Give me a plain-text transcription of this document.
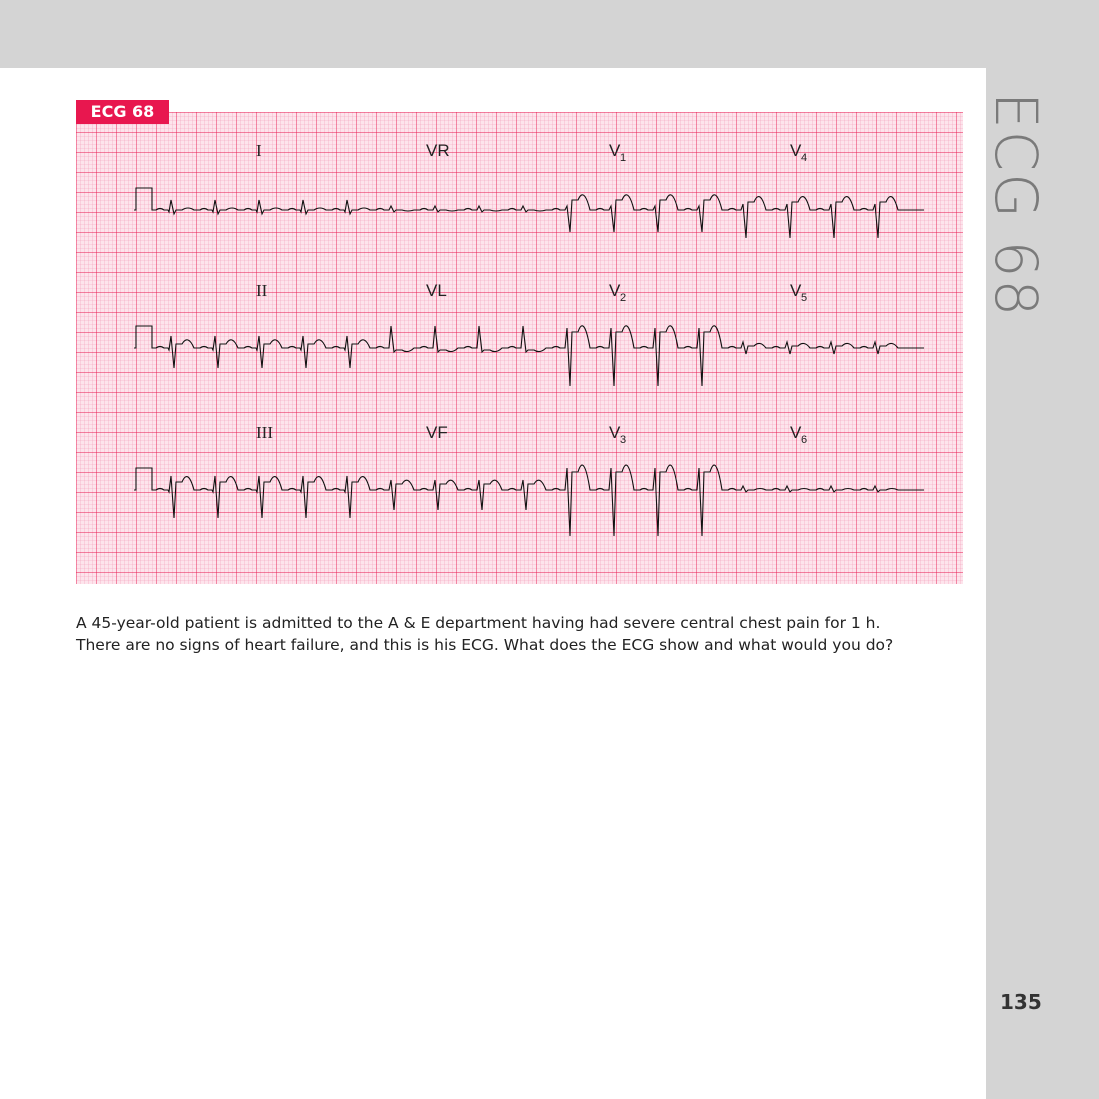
ECG 68
135
I	VR	V 1	V 4
II	VL	V 2	V 5
III	VF	V 3	V 6
ECG 68

A 45-year-old patient is admitted to the A & E department having had severe central chest pain for 1 h.

There are no signs of heart failure, and this is his ECG. What does the ECG show and what would you do?
